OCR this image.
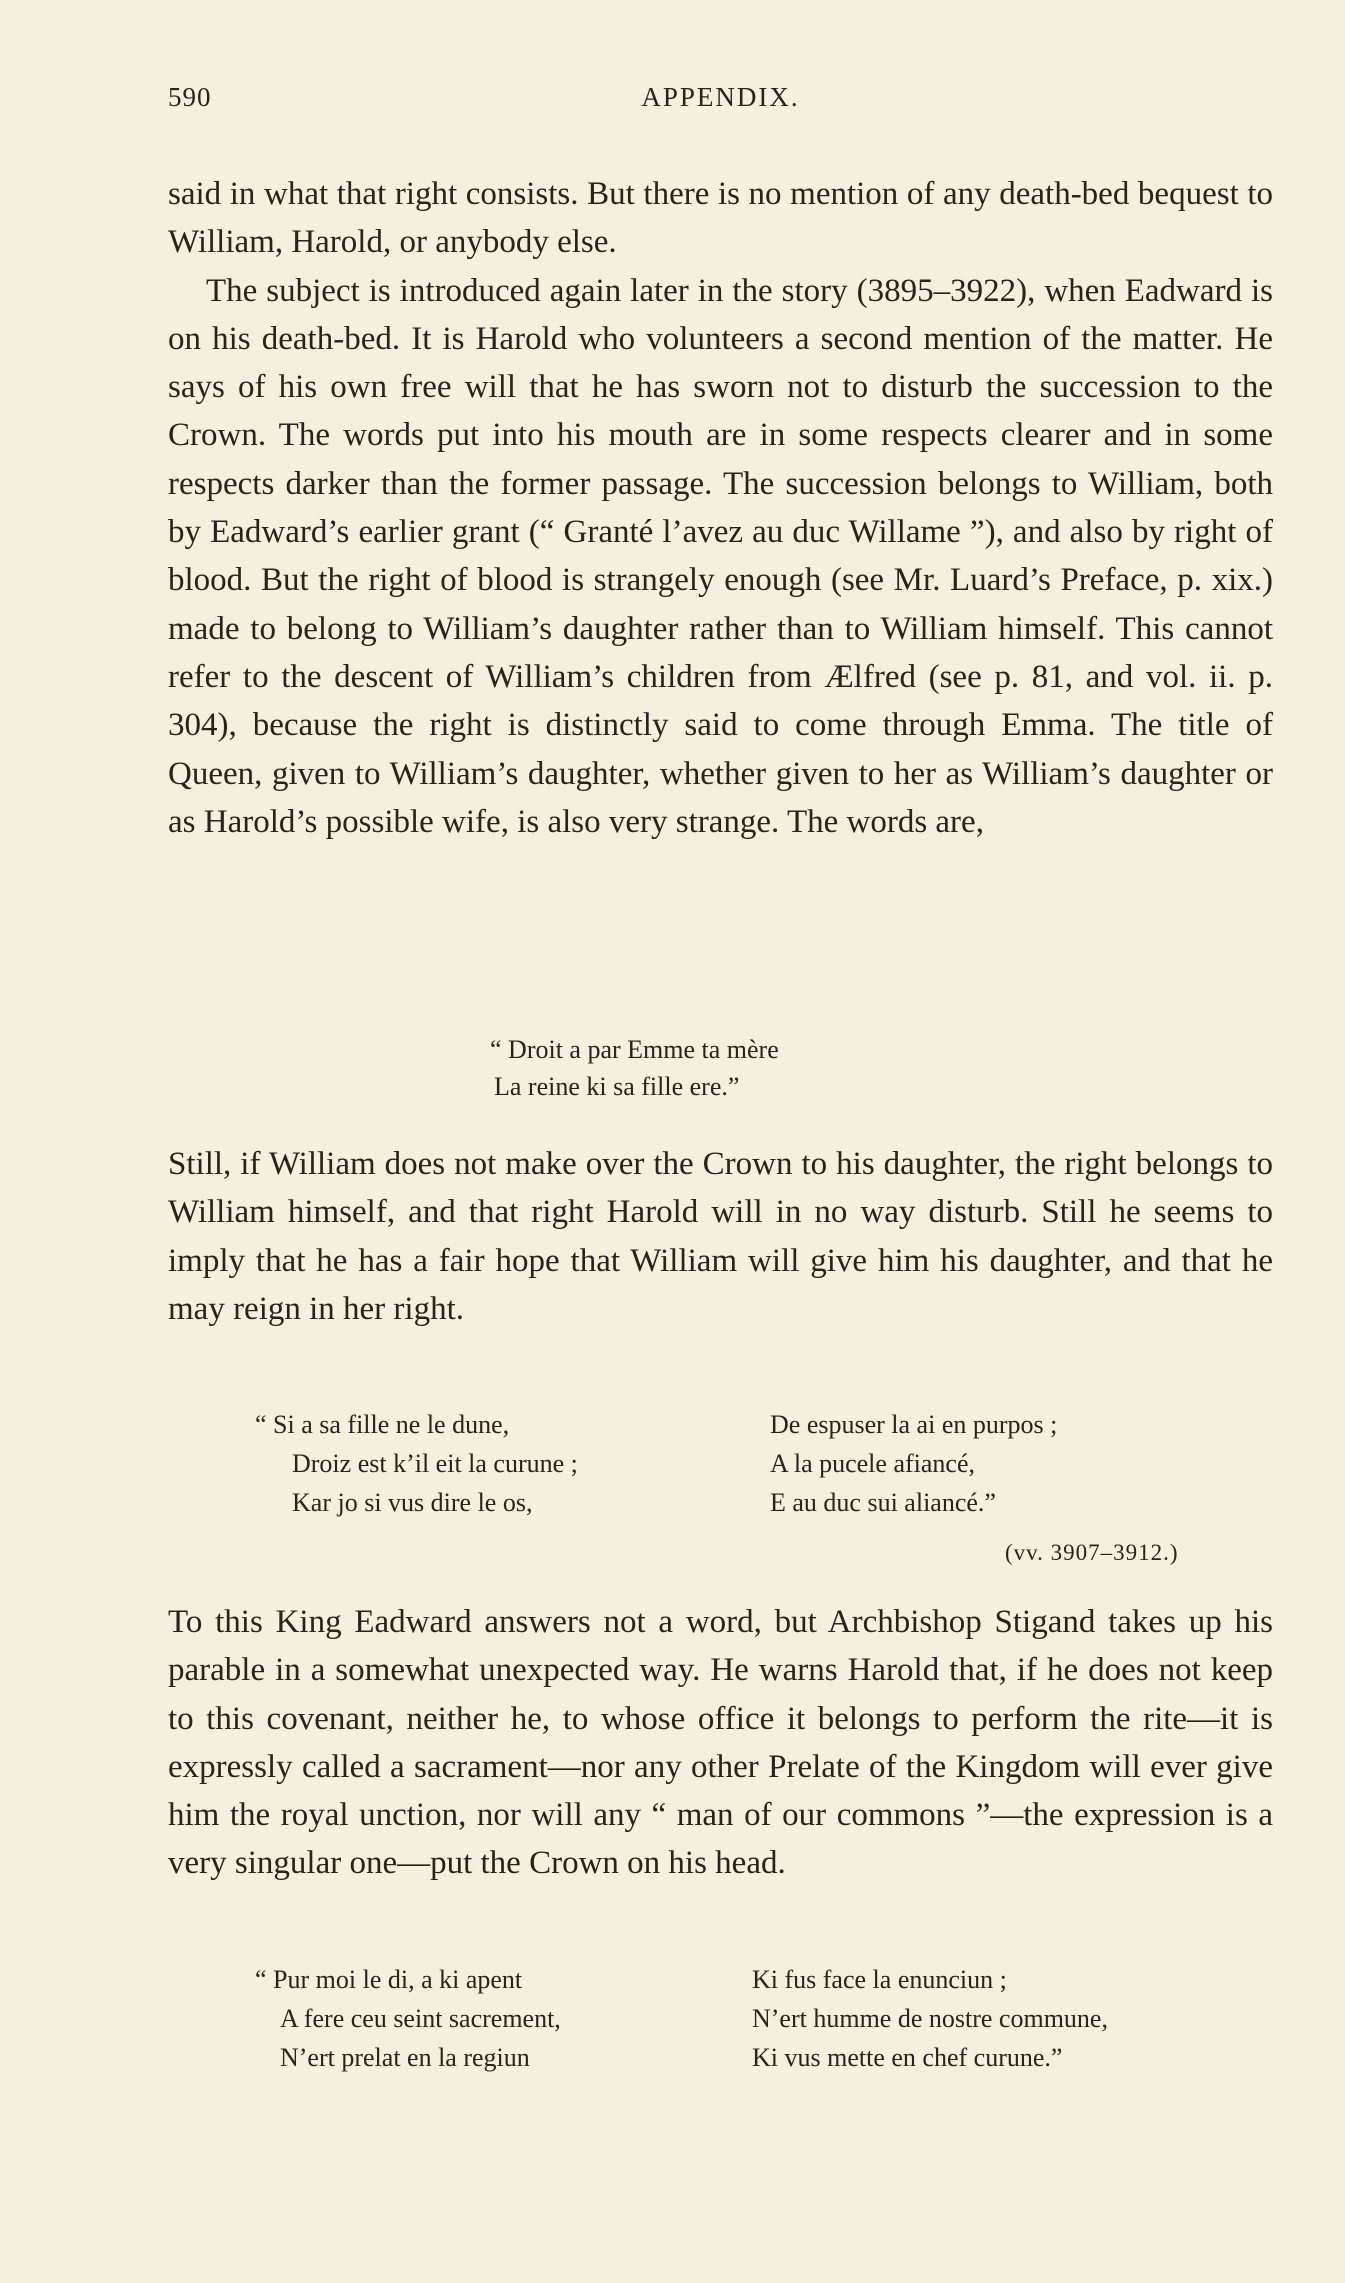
590	APPENDIX.

said in what that right consists. But there is no mention of any death-bed bequest to William, Harold, or anybody else.

The subject is introduced again later in the story (3895–3922), when Eadward is on his death-bed. It is Harold who volunteers a second mention of the matter. He says of his own free will that he has sworn not to disturb the succession to the Crown. The words put into his mouth are in some respects clearer and in some respects darker than the former passage. The succession belongs to William, both by Eadward’s earlier grant (“ Granté l’avez au duc Willame ”), and also by right of blood. But the right of blood is strangely enough (see Mr. Luard’s Preface, p. xix.) made to belong to William’s daughter rather than to William himself. This cannot refer to the descent of William’s children from Ælfred (see p. 81, and vol. ii. p. 304), because the right is distinctly said to come through Emma. The title of Queen, given to William’s daughter, whether given to her as William’s daughter or as Harold’s possible wife, is also very strange. The words are,

“ Droit a par Emme ta mère
La reine ki sa fille ere.”

Still, if William does not make over the Crown to his daughter, the right belongs to William himself, and that right Harold will in no way disturb. Still he seems to imply that he has a fair hope that William will give him his daughter, and that he may reign in her right.

“ Si a sa fille ne le dune,
Droiz est k’il eit la curune ;
Kar jo si vus dire le os,
De espuser la ai en purpos ;
A la pucele afiancé,
E au duc sui aliancé.”
(vv. 3907–3912.)

To this King Eadward answers not a word, but Archbishop Stigand takes up his parable in a somewhat unexpected way. He warns Harold that, if he does not keep to this covenant, neither he, to whose office it belongs to perform the rite—it is expressly called a sacrament—nor any other Prelate of the Kingdom will ever give him the royal unction, nor will any “ man of our commons ”—the expression is a very singular one—put the Crown on his head.

“ Pur moi le di, a ki apent
A fere ceu seint sacrement,
N’ert prelat en la regiun
Ki fus face la enunciun ;
N’ert humme de nostre commune,
Ki vus mette en chef curune.”
